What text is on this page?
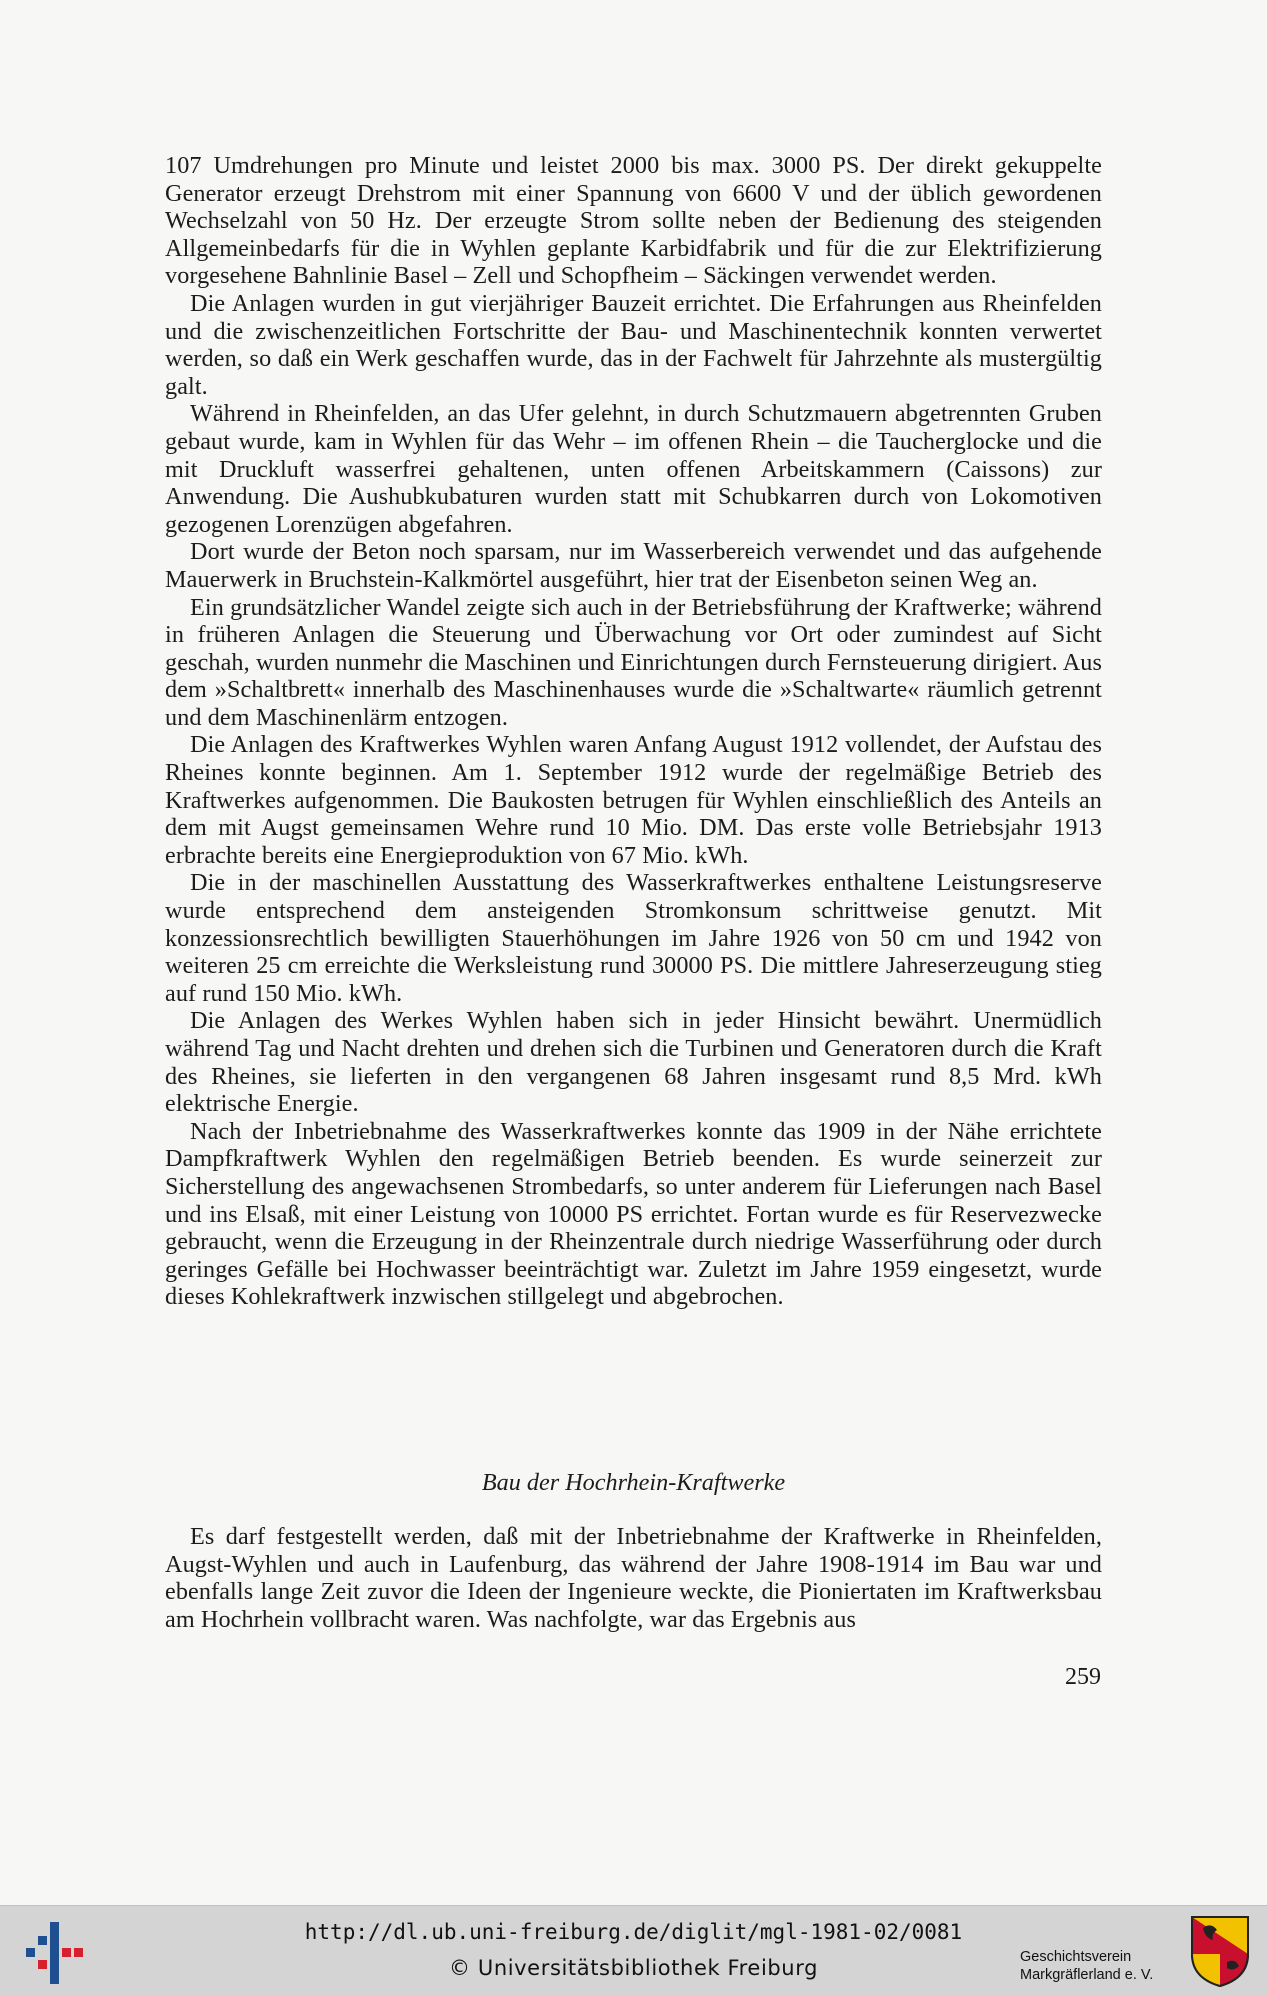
107 Umdrehungen pro Minute und leistet 2000 bis max. 3000 PS. Der direkt gekuppelte Generator erzeugt Drehstrom mit einer Spannung von 6600 V und der üblich gewordenen Wechselzahl von 50 Hz. Der erzeugte Strom sollte neben der Bedienung des steigenden Allgemeinbedarfs für die in Wyhlen geplante Karbidfabrik und für die zur Elektrifizierung vorgesehene Bahnlinie Basel – Zell und Schopfheim – Säckingen verwendet werden.

Die Anlagen wurden in gut vierjähriger Bauzeit errichtet. Die Erfahrungen aus Rheinfelden und die zwischenzeitlichen Fortschritte der Bau- und Maschinentechnik konnten verwertet werden, so daß ein Werk geschaffen wurde, das in der Fachwelt für Jahrzehnte als mustergültig galt.

Während in Rheinfelden, an das Ufer gelehnt, in durch Schutzmauern abgetrennten Gruben gebaut wurde, kam in Wyhlen für das Wehr – im offenen Rhein – die Taucherglocke und die mit Druckluft wasserfrei gehaltenen, unten offenen Arbeitskammern (Caissons) zur Anwendung. Die Aushubkubaturen wurden statt mit Schubkarren durch von Lokomotiven gezogenen Lorenzügen abgefahren.

Dort wurde der Beton noch sparsam, nur im Wasserbereich verwendet und das aufgehende Mauerwerk in Bruchstein-Kalkmörtel ausgeführt, hier trat der Eisenbeton seinen Weg an.

Ein grundsätzlicher Wandel zeigte sich auch in der Betriebsführung der Kraftwerke; während in früheren Anlagen die Steuerung und Überwachung vor Ort oder zumindest auf Sicht geschah, wurden nunmehr die Maschinen und Einrichtungen durch Fernsteuerung dirigiert. Aus dem »Schaltbrett« innerhalb des Maschinenhauses wurde die »Schaltwarte« räumlich getrennt und dem Maschinenlärm entzogen.

Die Anlagen des Kraftwerkes Wyhlen waren Anfang August 1912 vollendet, der Aufstau des Rheines konnte beginnen. Am 1. September 1912 wurde der regelmäßige Betrieb des Kraftwerkes aufgenommen. Die Baukosten betrugen für Wyhlen einschließlich des Anteils an dem mit Augst gemeinsamen Wehre rund 10 Mio. DM. Das erste volle Betriebsjahr 1913 erbrachte bereits eine Energieproduktion von 67 Mio. kWh.

Die in der maschinellen Ausstattung des Wasserkraftwerkes enthaltene Leistungsreserve wurde entsprechend dem ansteigenden Stromkonsum schrittweise genutzt. Mit konzessionsrechtlich bewilligten Stauerhöhungen im Jahre 1926 von 50 cm und 1942 von weiteren 25 cm erreichte die Werksleistung rund 30000 PS. Die mittlere Jahreserzeugung stieg auf rund 150 Mio. kWh.

Die Anlagen des Werkes Wyhlen haben sich in jeder Hinsicht bewährt. Unermüdlich während Tag und Nacht drehten und drehen sich die Turbinen und Generatoren durch die Kraft des Rheines, sie lieferten in den vergangenen 68 Jahren insgesamt rund 8,5 Mrd. kWh elektrische Energie.

Nach der Inbetriebnahme des Wasserkraftwerkes konnte das 1909 in der Nähe errichtete Dampfkraftwerk Wyhlen den regelmäßigen Betrieb beenden. Es wurde seinerzeit zur Sicherstellung des angewachsenen Strombedarfs, so unter anderem für Lieferungen nach Basel und ins Elsaß, mit einer Leistung von 10000 PS errichtet. Fortan wurde es für Reservezwecke gebraucht, wenn die Erzeugung in der Rheinzentrale durch niedrige Wasserführung oder durch geringes Gefälle bei Hochwasser beeinträchtigt war. Zuletzt im Jahre 1959 eingesetzt, wurde dieses Kohlekraftwerk inzwischen stillgelegt und abgebrochen.

Bau der Hochrhein-Kraftwerke

Es darf festgestellt werden, daß mit der Inbetriebnahme der Kraftwerke in Rheinfelden, Augst-Wyhlen und auch in Laufenburg, das während der Jahre 1908-1914 im Bau war und ebenfalls lange Zeit zuvor die Ideen der Ingenieure weckte, die Pioniertaten im Kraftwerksbau am Hochrhein vollbracht waren. Was nachfolgte, war das Ergebnis aus

259
http://dl.ub.uni-freiburg.de/diglit/mgl-1981-02/0081
© Universitätsbibliothek Freiburg	Geschichtsverein
Markgräflerland e. V.
